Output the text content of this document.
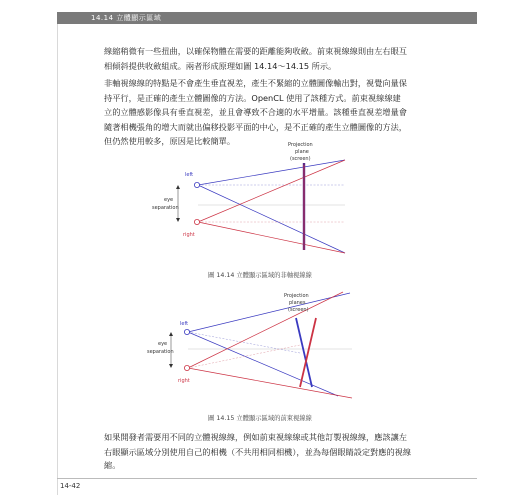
14.14 立體顯示區域
線縮稍微有一些扭曲，以確保物體在需要的距離能夠收斂。前束視線線則由左右眼互
相傾斜提供收斂組成。兩者形成原理如圖 14.14～14.15 所示。
非軸視線線的特點是不會產生垂直視差，產生不緊縮的立體圖像輸出對，視覺向量保
持平行，是正確的產生立體圖像的方法。OpenCL 使用了該種方式。前束視線線建
立的立體感影像具有垂直視差，並且會導致不合適的水平增量。該種垂直視差增量會
隨著相機張角的增大而就出偏移投影平面的中心，是不正確的產生立體圖像的方法，
但仍然使用較多，原因是比較簡單。
left
right
eye
separation
Projection
plane
(screen)
left
right
eye
separation
Projection
planes
(screen)
圖 14.14 立體顯示區域的非軸視線線
圖 14.15 立體顯示區域的前束視線線
如果開發者需要用不同的立體視線線，例如前束視線線或其他訂製視線線，應該讓左
右眼顯示區域分別使用自己的相機（不共用相同相機），並為每個眼睛設定對應的視線
縮。
14-42
